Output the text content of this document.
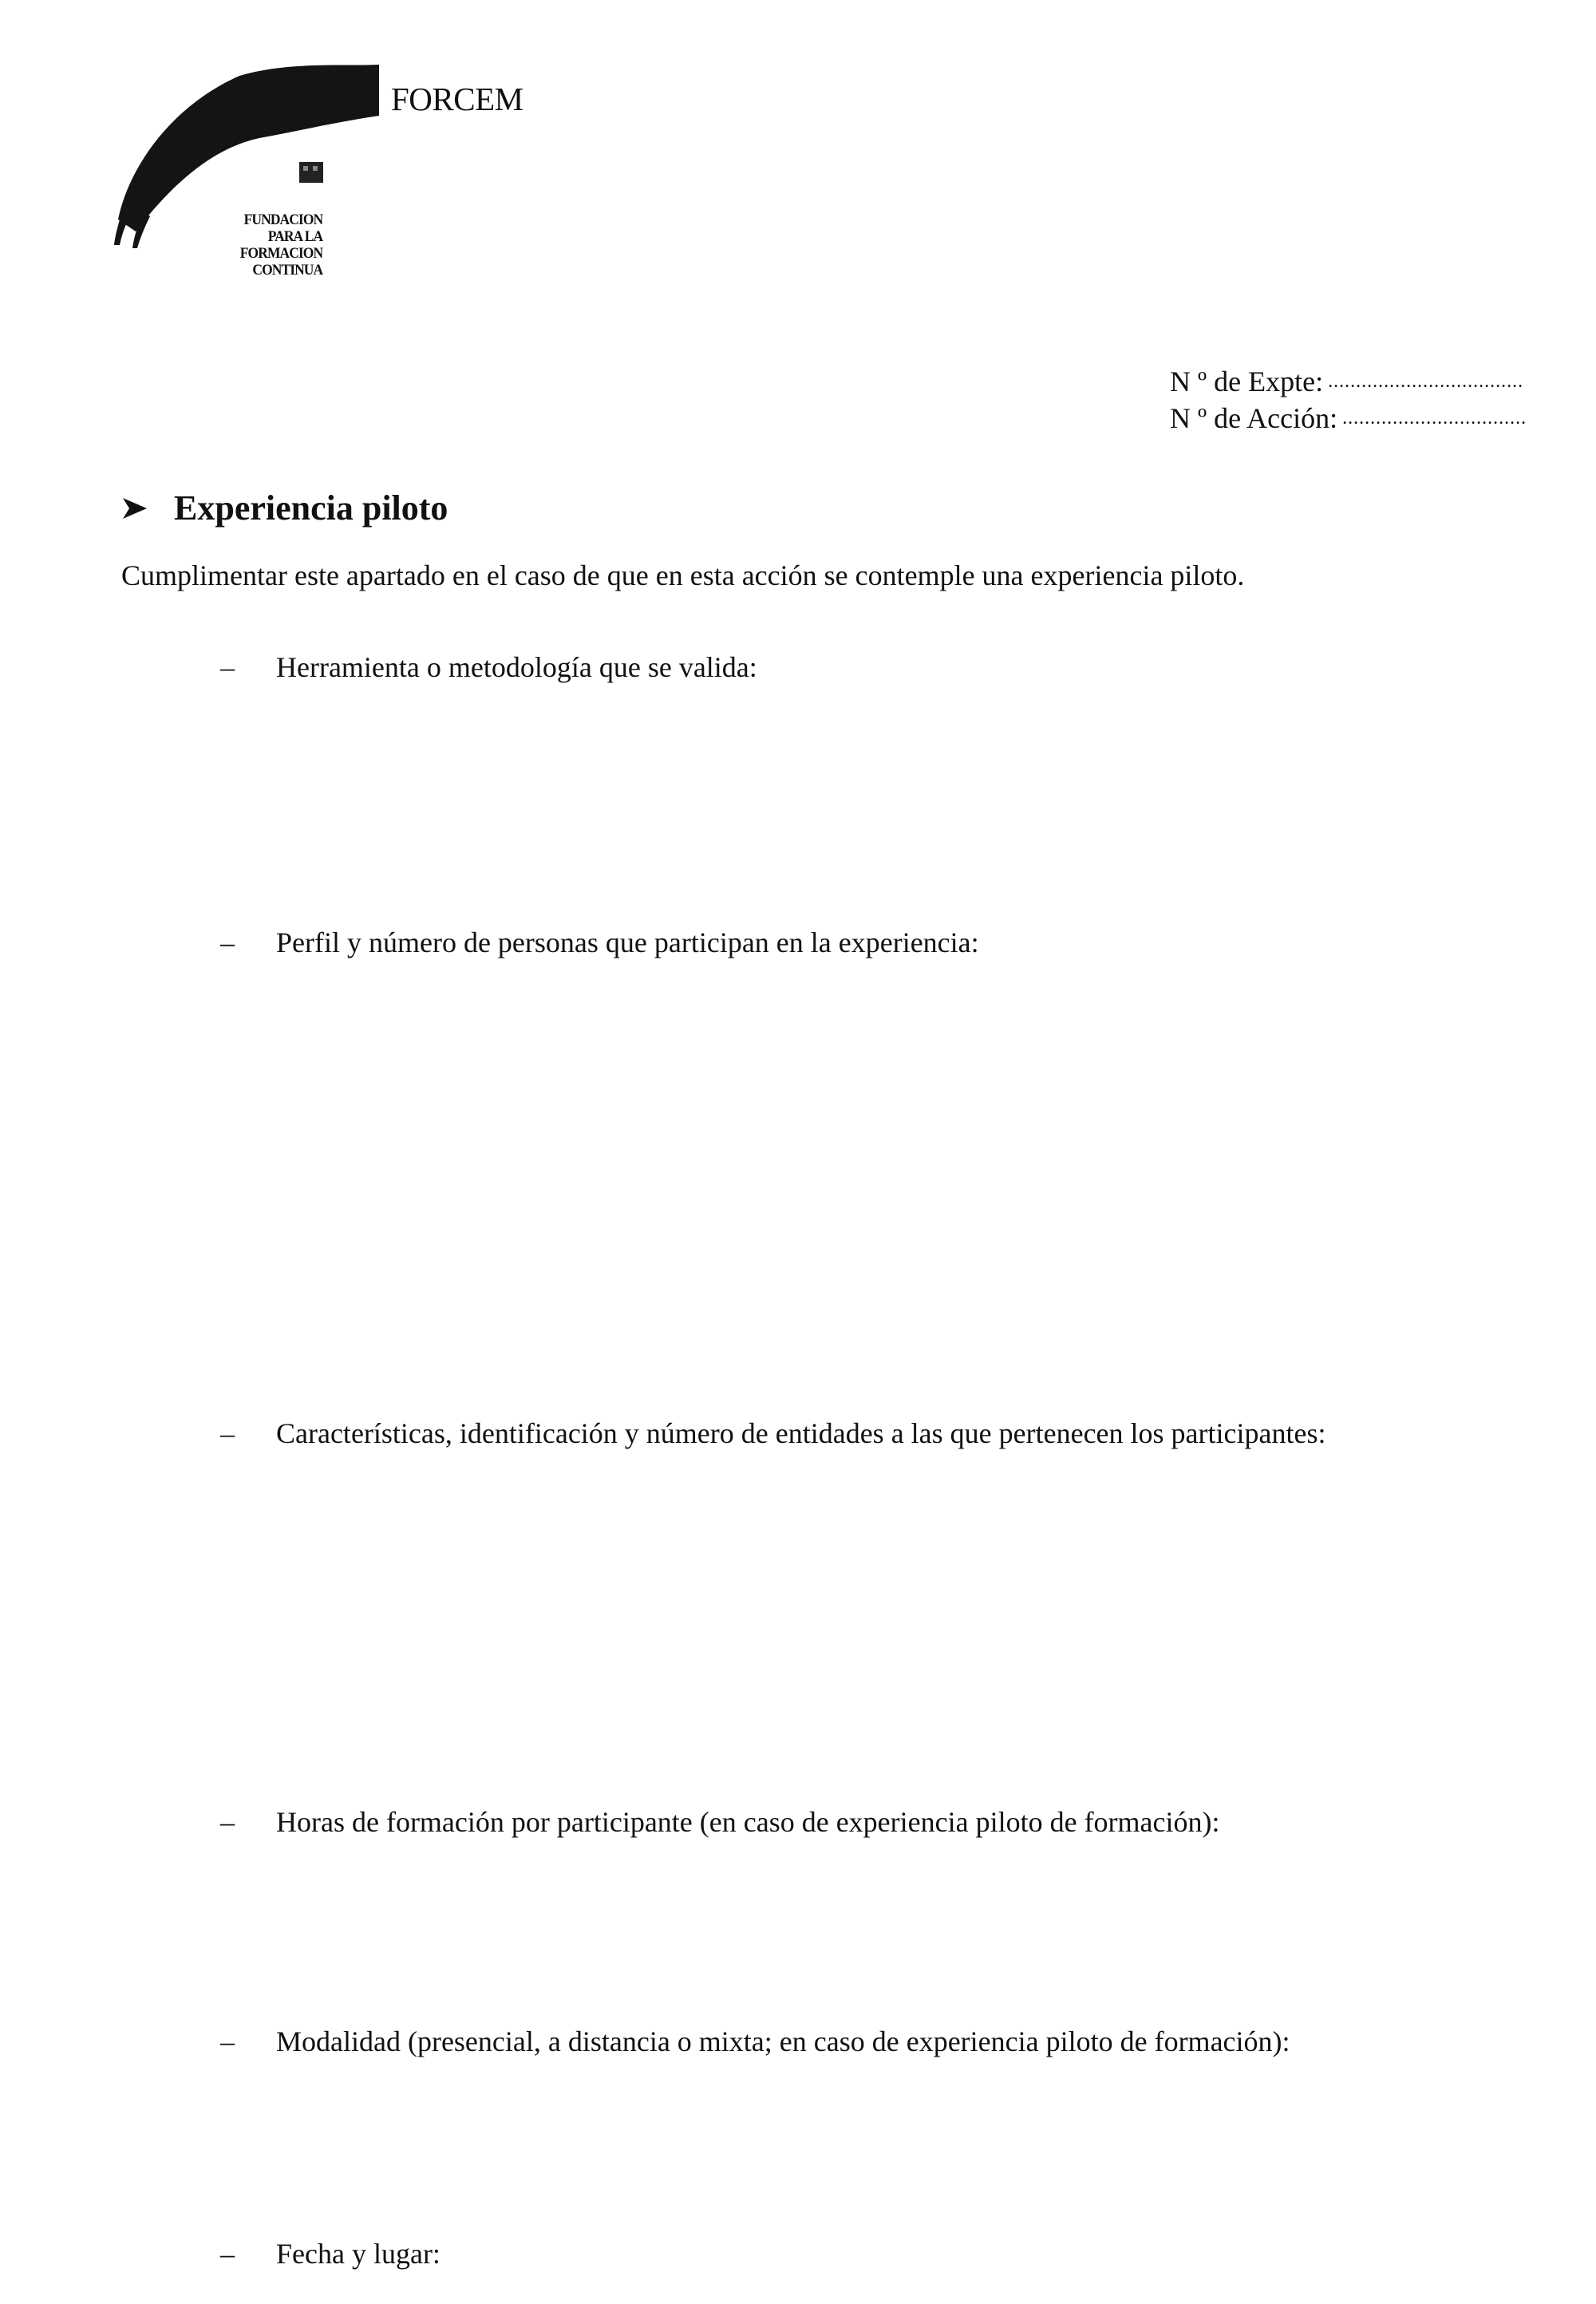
FORCEM
FUNDACION
PARA LA
FORMACION
CONTINUA
N º de Expte: ...................................
N º de Acción: .................................
Experiencia piloto
Cumplimentar este apartado en el caso de que en esta acción se contemple una experiencia piloto.
–	Herramienta o metodología que se valida:
–	Perfil y número de personas que participan en la experiencia:
–	Características, identificación y número de entidades a las que pertenecen los participantes:
–	Horas de formación por participante (en caso de experiencia piloto de formación):
–	Modalidad (presencial, a distancia o mixta; en caso de experiencia piloto de formación):
–	Fecha y lugar:
